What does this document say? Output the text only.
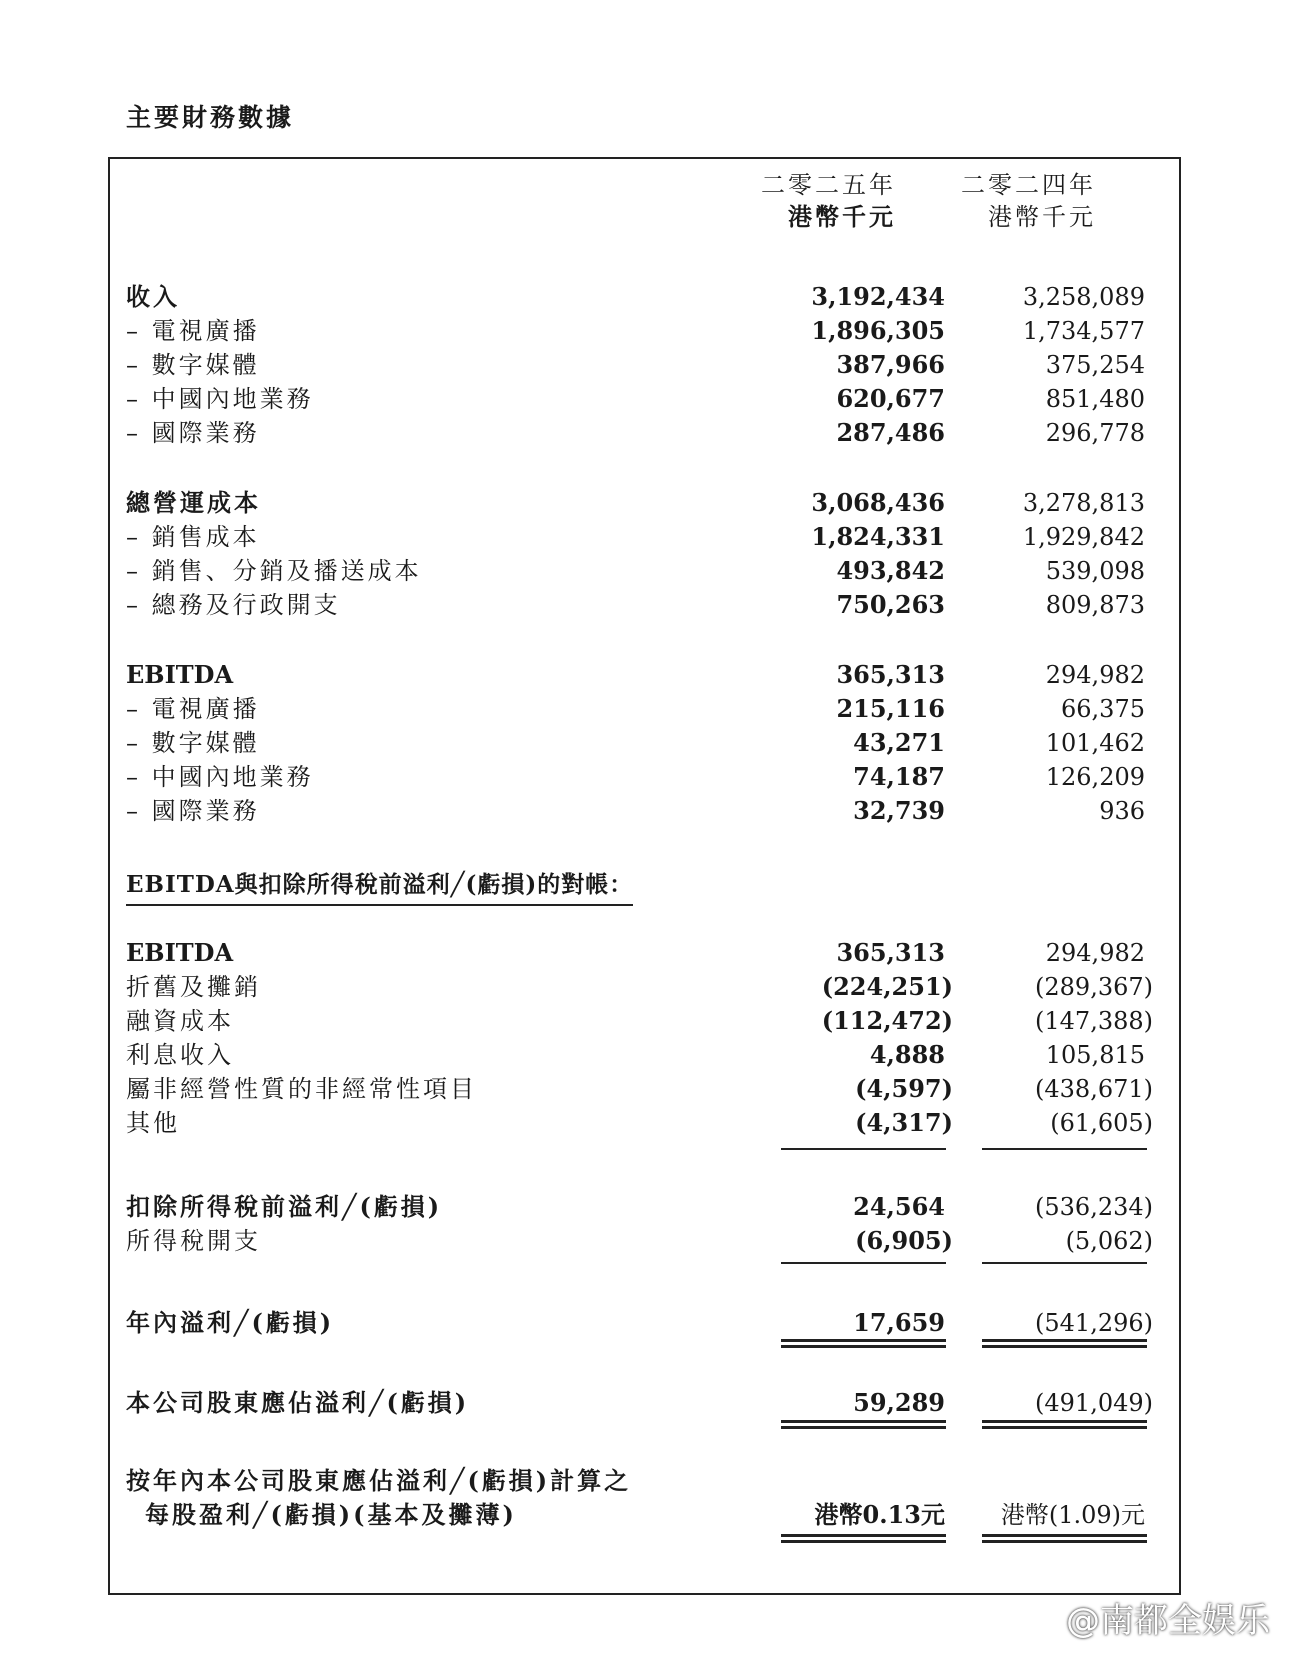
主要財務數據
二零二五年
港幣千元
二零二四年
港幣千元
收入	3,192,434	3,258,089
– 電視廣播	1,896,305	1,734,577
– 數字媒體	387,966	375,254
– 中國內地業務	620,677	851,480
– 國際業務	287,486	296,778
總營運成本	3,068,436	3,278,813
– 銷售成本	1,824,331	1,929,842
– 銷售、分銷及播送成本	493,842	539,098
– 總務及行政開支	750,263	809,873
EBITDA	365,313	294,982
– 電視廣播	215,116	66,375
– 數字媒體	43,271	101,462
– 中國內地業務	74,187	126,209
– 國際業務	32,739	936
EBITDA與扣除所得稅前溢利╱(虧損)的對帳：
EBITDA	365,313	294,982
折舊及攤銷	(224,251)	(289,367)
融資成本	(112,472)	(147,388)
利息收入	4,888	105,815
屬非經營性質的非經常性項目	(4,597)	(438,671)
其他	(4,317)	(61,605)
扣除所得稅前溢利╱(虧損)	24,564	(536,234)
所得稅開支	(6,905)	(5,062)
年內溢利╱(虧損)	17,659	(541,296)
本公司股東應佔溢利╱(虧損)	59,289	(491,049)
按年內本公司股東應佔溢利╱(虧損)計算之
每股盈利╱(虧損)(基本及攤薄)	港幣0.13元 港幣(1.09)元
@南都全娱乐
